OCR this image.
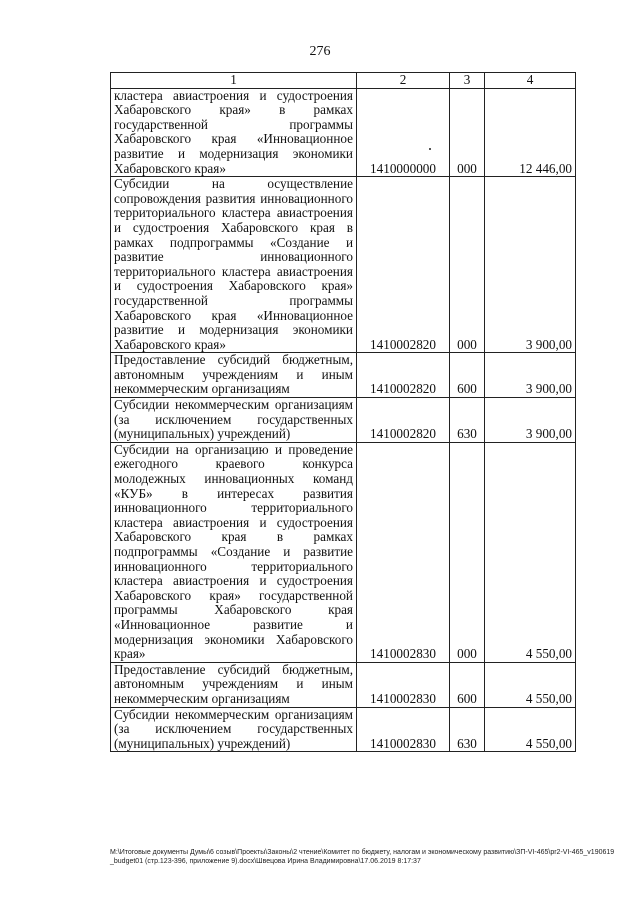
276
1	2	3	4
кластера авиастроения и судостроения Хабаровского края» в рамках государственной программы Хабаровского края «Инновационное развитие и модернизация экономики Хабаровского края»	1410000000	000	12 446,00
Субсидии на осуществление сопровождения развития инновационного территориального кластера авиастроения и судостроения Хабаровского края в рамках подпрограммы «Создание и развитие инновационного территориального кластера авиастроения и судостроения Хабаровского края» государственной программы Хабаровского края «Инновационное развитие и модернизация экономики Хабаровского края»	1410002820	000	3 900,00
Предоставление субсидий бюджетным, автономным учреждениям и иным некоммерческим организациям	1410002820	600	3 900,00
Субсидии некоммерческим организациям (за исключением государственных (муниципальных) учреждений)	1410002820	630	3 900,00
Субсидии на организацию и проведение ежегодного краевого конкурса молодежных инновационных команд «КУБ» в интересах развития инновационного территориального кластера авиастроения и судостроения Хабаровского края в рамках подпрограммы «Создание и развитие инновационного территориального кластера авиастроения и судостроения Хабаровского края» государственной программы Хабаровского края «Инновационное развитие и модернизация экономики Хабаровского края»	1410002830	000	4 550,00
Предоставление субсидий бюджетным, автономным учреждениям и иным некоммерческим организациям	1410002830	600	4 550,00
Субсидии некоммерческим организациям (за исключением государственных (муниципальных) учреждений)	1410002830	630	4 550,00
М:\Итоговые документы Думы\6 созыв\Проекты\Законы\2 чтение\Комитет по бюджету, налогам и экономическому развитию\ЗП-VI-465\pr2-VI-465_v190619_budget01 (стр.123-396, приложение 9).docx\Швецова Ирина Владимировна\17.06.2019 8:17:37
